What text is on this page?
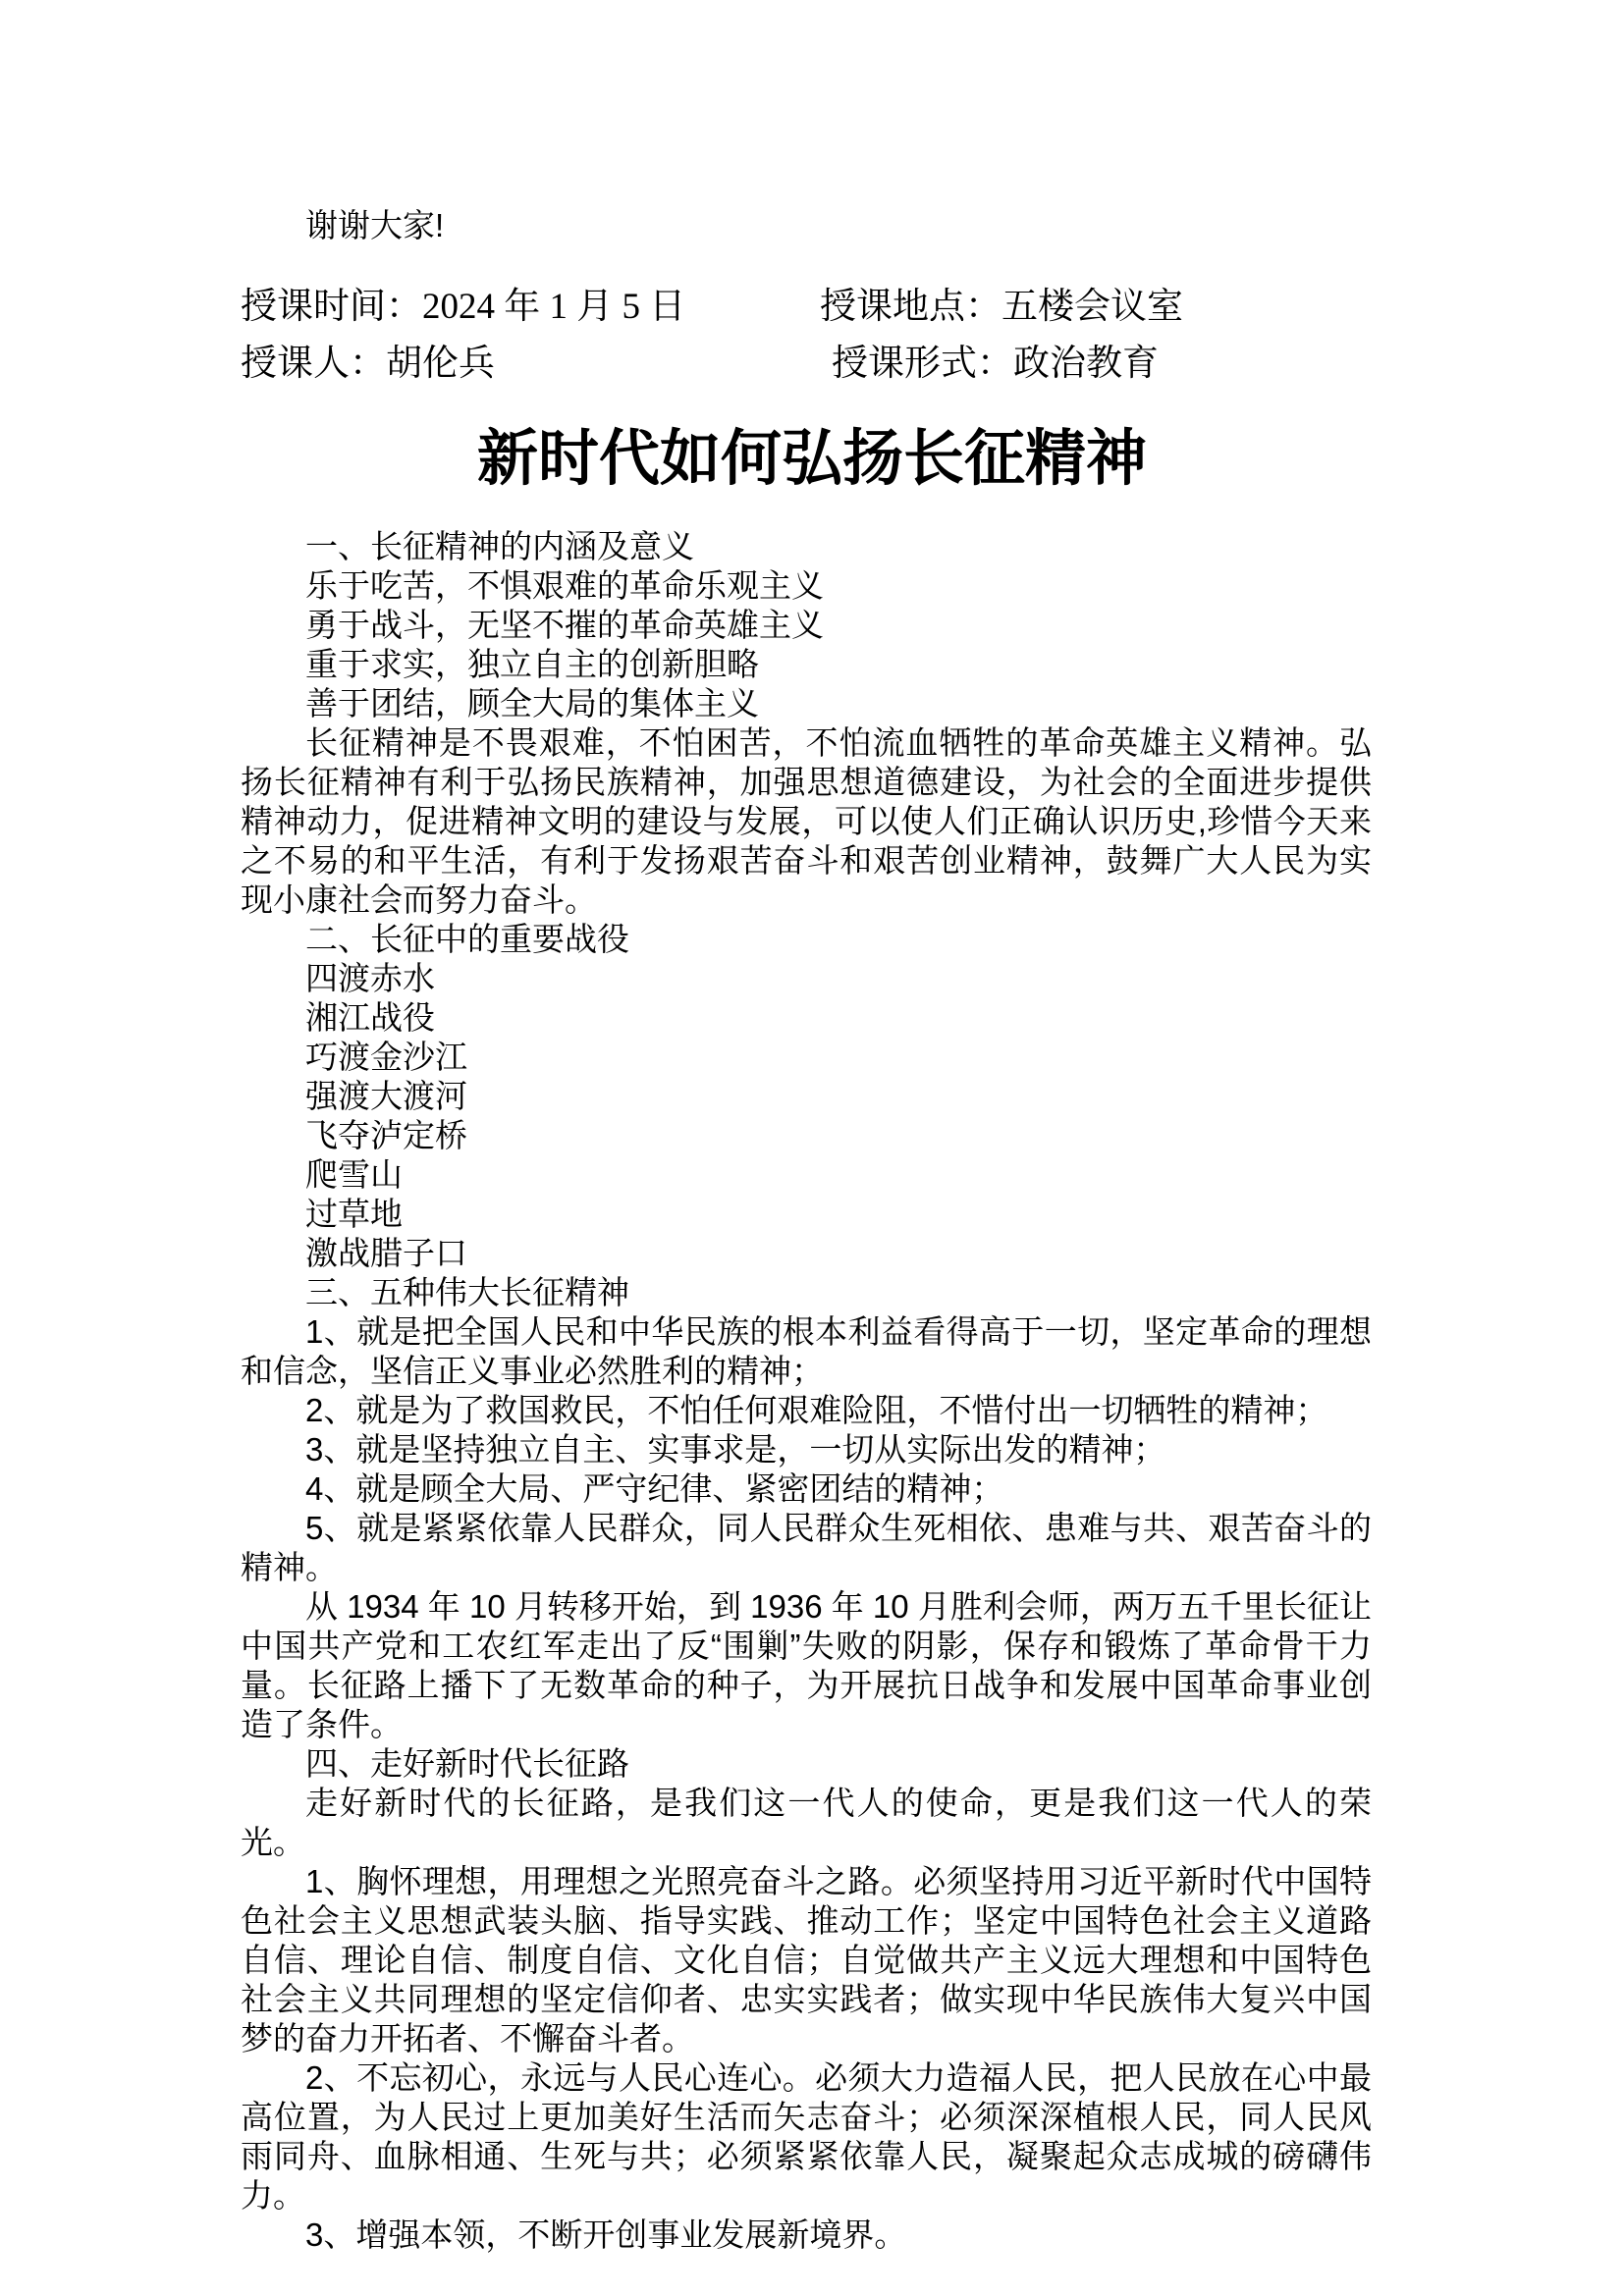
谢谢大家!
授课时间：2024 年 1 月 5 日	授课地点：五楼会议室
授课人：胡伦兵	授课形式：政治教育
新时代如何弘扬长征精神

一、长征精神的内涵及意义

乐于吃苦，不惧艰难的革命乐观主义

勇于战斗，无坚不摧的革命英雄主义

重于求实，独立自主的创新胆略

善于团结，顾全大局的集体主义

长征精神是不畏艰难，不怕困苦，不怕流血牺牲的革命英雄主义精神。弘扬长征精神有利于弘扬民族精神，加强思想道德建设，为社会的全面进步提供精神动力，促进精神文明的建设与发展，可以使人们正确认识历史,珍惜今天来之不易的和平生活，有利于发扬艰苦奋斗和艰苦创业精神，鼓舞广大人民为实现小康社会而努力奋斗。

二、长征中的重要战役

四渡赤水

湘江战役

巧渡金沙江

强渡大渡河

飞夺泸定桥

爬雪山

过草地

激战腊子口

三、五种伟大长征精神

1、就是把全国人民和中华民族的根本利益看得高于一切，坚定革命的理想和信念，坚信正义事业必然胜利的精神；

2、就是为了救国救民，不怕任何艰难险阻，不惜付出一切牺牲的精神；

3、就是坚持独立自主、实事求是，一切从实际出发的精神；

4、就是顾全大局、严守纪律、紧密团结的精神；

5、就是紧紧依靠人民群众，同人民群众生死相依、患难与共、艰苦奋斗的精神。

从 1934 年 10 月转移开始，到 1936 年 10 月胜利会师，两万五千里长征让中国共产党和工农红军走出了反“围剿”失败的阴影，保存和锻炼了革命骨干力量。长征路上播下了无数革命的种子，为开展抗日战争和发展中国革命事业创造了条件。

四、走好新时代长征路

走好新时代的长征路，是我们这一代人的使命，更是我们这一代人的荣光。

1、胸怀理想，用理想之光照亮奋斗之路。必须坚持用习近平新时代中国特色社会主义思想武装头脑、指导实践、推动工作；坚定中国特色社会主义道路自信、理论自信、制度自信、文化自信；自觉做共产主义远大理想和中国特色社会主义共同理想的坚定信仰者、忠实实践者；做实现中华民族伟大复兴中国梦的奋力开拓者、不懈奋斗者。

2、不忘初心，永远与人民心连心。必须大力造福人民，把人民放在心中最高位置，为人民过上更加美好生活而矢志奋斗；必须深深植根人民，同人民风雨同舟、血脉相通、生死与共；必须紧紧依靠人民，凝聚起众志成城的磅礴伟力。

3、增强本领，不断开创事业发展新境界。
